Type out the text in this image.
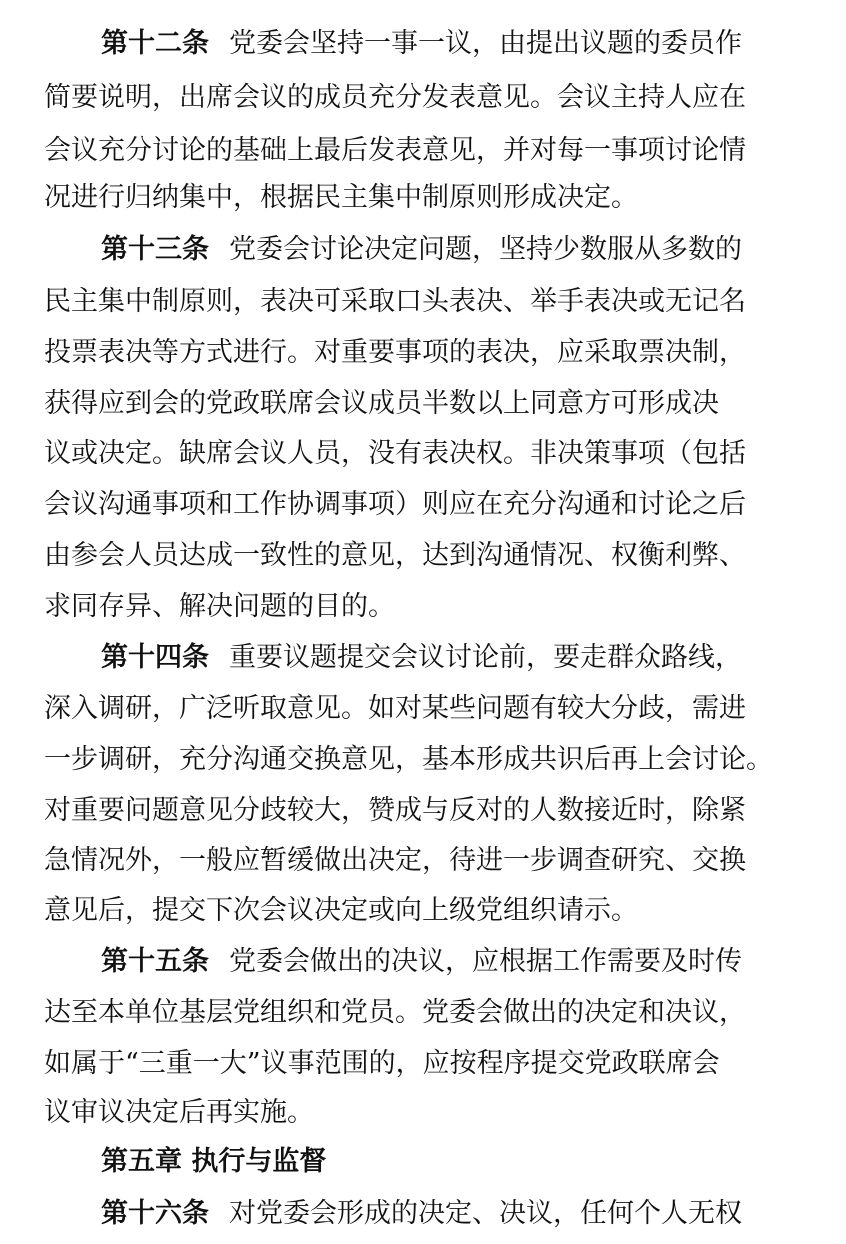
第十二条 党委会坚持一事一议，由提出议题的委员作
简要说明，出席会议的成员充分发表意见。会议主持人应在
会议充分讨论的基础上最后发表意见，并对每一事项讨论情
况进行归纳集中，根据民主集中制原则形成决定。
第十三条 党委会讨论决定问题，坚持少数服从多数的
民主集中制原则，表决可采取口头表决、举手表决或无记名
投票表决等方式进行。对重要事项的表决，应采取票决制，
获得应到会的党政联席会议成员半数以上同意方可形成决
议或决定。缺席会议人员，没有表决权。非决策事项（包括
会议沟通事项和工作协调事项）则应在充分沟通和讨论之后
由参会人员达成一致性的意见，达到沟通情况、权衡利弊、
求同存异、解决问题的目的。
第十四条 重要议题提交会议讨论前，要走群众路线，
深入调研，广泛听取意见。如对某些问题有较大分歧，需进
一步调研，充分沟通交换意见，基本形成共识后再上会讨论。
对重要问题意见分歧较大，赞成与反对的人数接近时，除紧
急情况外，一般应暂缓做出决定，待进一步调查研究、交换
意见后，提交下次会议决定或向上级党组织请示。
第十五条 党委会做出的决议，应根据工作需要及时传
达至本单位基层党组织和党员。党委会做出的决定和决议，
如属于“三重一大”议事范围的，应按程序提交党政联席会
议审议决定后再实施。
第五章 执行与监督
第十六条 对党委会形成的决定、决议，任何个人无权
